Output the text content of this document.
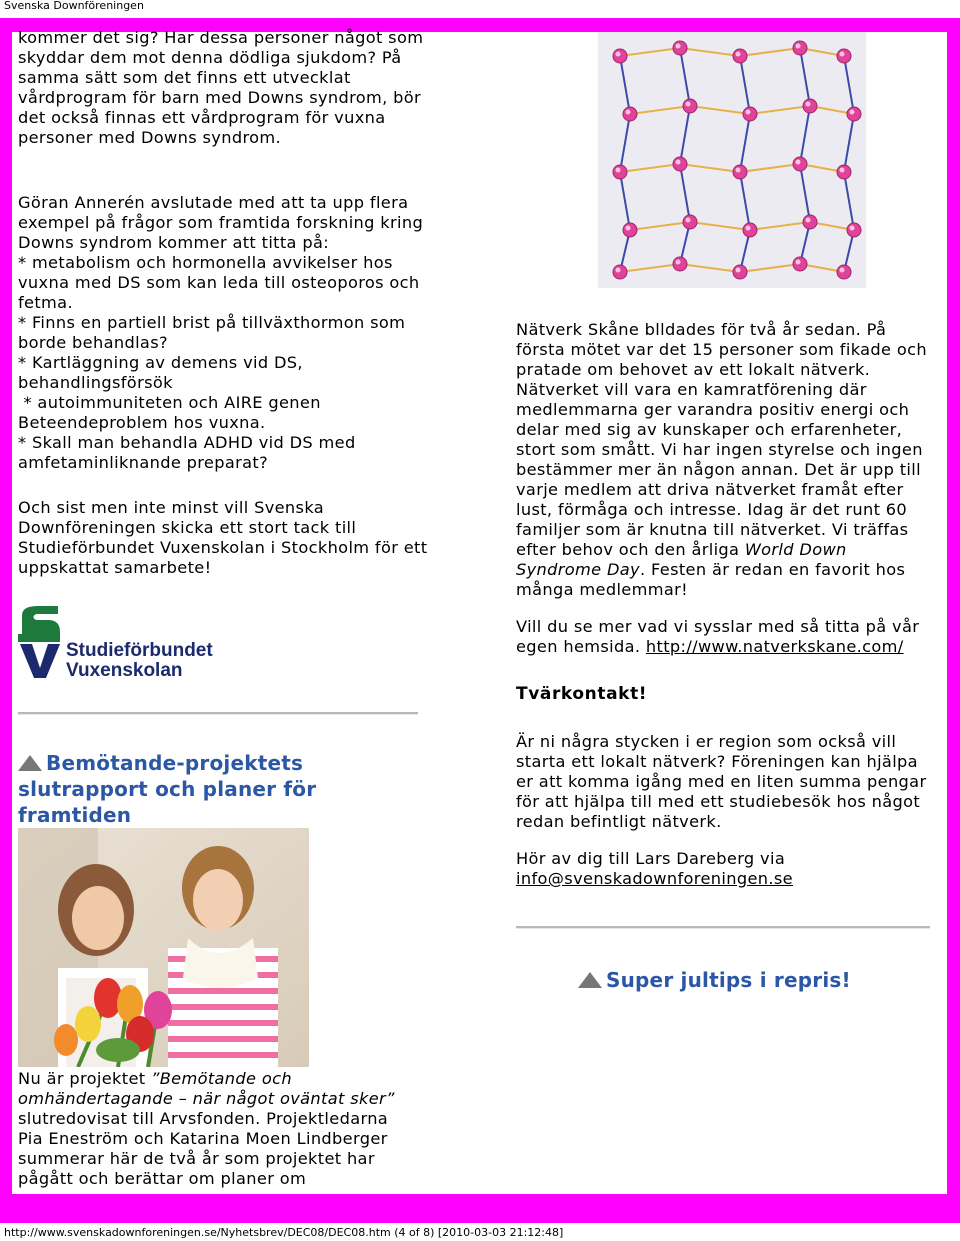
Svenska Downföreningen

kommer det sig? Har dessa personer något som skyddar dem mot denna dödliga sjukdom? På samma sätt som det finns ett utvecklat vårdprogram för barn med Downs syndrom, bör det också finnas ett vårdprogram för vuxna personer med Downs syndrom.

Göran Annerén avslutade med att ta upp flera exempel på frågor som framtida forskning kring Downs syndrom kommer att titta på:

* metabolism och hormonella avvikelser hos vuxna med DS som kan leda till osteoporos och fetma.

* Finns en partiell brist på tillväxthormon som borde behandlas?

* Kartläggning av demens vid DS, behandlingsförsök

* autoimmuniteten och AIRE genen

Beteendeproblem hos vuxna.

* Skall man behandla ADHD vid DS med amfetaminliknande preparat?

Och sist men inte minst vill Svenska Downföreningen skicka ett stort tack till Studieförbundet Vuxenskolan i Stockholm för ett uppskattat samarbete!

Studieförbundet
Vuxenskolan
Bemötande-projektets slutrapport och planer för framtiden

Nu är projektet ”Bemötande och omhändertagande – när något oväntat sker” slutredovisat till Arvsfonden. Projektledarna Pia Eneström och Katarina Moen Lindberger summerar här de två år som projektet har pågått och berättar om planer om

Nätverk Skåne blldades för två år sedan. På första mötet var det 15 personer som fikade och pratade om behovet av ett lokalt nätverk. Nätverket vill vara en kamratförening där medlemmarna ger varandra positiv energi och delar med sig av kunskaper och erfarenheter, stort som smått. Vi har ingen styrelse och ingen bestämmer mer än någon annan. Det är upp till varje medlem att driva nätverket framåt efter lust, förmåga och intresse. Idag är det runt 60 familjer som är knutna till nätverket. Vi träffas efter behov och den årliga World Down Syndrome Day. Festen är redan en favorit hos många medlemmar!

Vill du se mer vad vi sysslar med så titta på vår egen hemsida. http://www.natverkskane.com/

Tvärkontakt!

Är ni några stycken i er region som också vill starta ett lokalt nätverk? Föreningen kan hjälpa er att komma igång med en liten summa pengar för att hjälpa till med ett studiebesök hos något redan befintligt nätverk.

Hör av dig till Lars Dareberg via
info@svenskadownforeningen.se

Super jultips i repris!
http://www.svenskadownforeningen.se/Nyhetsbrev/DEC08/DEC08.htm (4 of 8) [2010-03-03 21:12:48]
